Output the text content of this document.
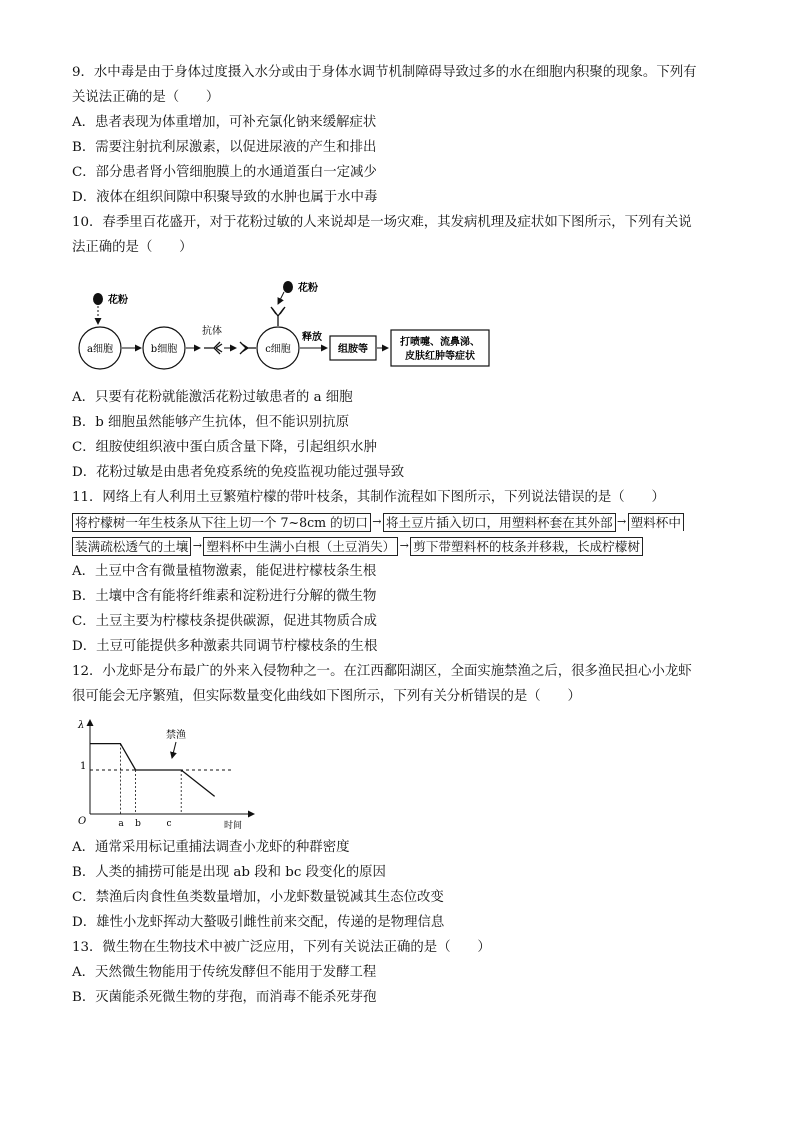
9．水中毒是由于身体过度摄入水分或由于身体水调节机制障碍导致过多的水在细胞内积聚的现象。下列有
关说法正确的是（　　）
A．患者表现为体重增加，可补充氯化钠来缓解症状
B．需要注射抗利尿激素，以促进尿液的产生和排出
C．部分患者肾小管细胞膜上的水通道蛋白一定减少
D．液体在组织间隙中积聚导致的水肿也属于水中毒
10．春季里百花盛开，对于花粉过敏的人来说却是一场灾难，其发病机理及症状如下图所示，下列有关说
法正确的是（　　）
花粉
a细胞	b细胞
抗体
c细胞
花粉
释放
组胺等
打喷嚏、流鼻涕、
皮肤红肿等症状
A．只要有花粉就能激活花粉过敏患者的 a 细胞
B．b 细胞虽然能够产生抗体，但不能识别抗原
C．组胺使组织液中蛋白质含量下降，引起组织水肿
D．花粉过敏是由患者免疫系统的免疫监视功能过强导致
11．网络上有人利用土豆繁殖柠檬的带叶枝条，其制作流程如下图所示，下列说法错误的是（　　）
将柠檬树一年生枝条从下往上切一个 7~8cm 的切口 → 将土豆片插入切口，用塑料杯套在其外部 → 塑料杯中
装满疏松透气的土壤 → 塑料杯中生满小白根（土豆消失） → 剪下带塑料杯的枝条并移栽，长成柠檬树
A．土豆中含有微量植物激素，能促进柠檬枝条生根
B．土壤中含有能将纤维素和淀粉进行分解的微生物
C．土豆主要为柠檬枝条提供碳源，促进其物质合成
D．土豆可能提供多种激素共同调节柠檬枝条的生根
12．小龙虾是分布最广的外来入侵物种之一。在江西鄱阳湖区，全面实施禁渔之后，很多渔民担心小龙虾
很可能会无序繁殖，但实际数量变化曲线如下图所示，下列有关分析错误的是（　　）
λ
时间
O
1
a b	c
禁渔
A．通常采用标记重捕法调查小龙虾的种群密度
B．人类的捕捞可能是出现 ab 段和 bc 段变化的原因
C．禁渔后肉食性鱼类数量增加，小龙虾数量锐减其生态位改变
D．雄性小龙虾挥动大螯吸引雌性前来交配，传递的是物理信息
13．微生物在生物技术中被广泛应用，下列有关说法正确的是（　　）
A．天然微生物能用于传统发酵但不能用于发酵工程
B．灭菌能杀死微生物的芽孢，而消毒不能杀死芽孢
